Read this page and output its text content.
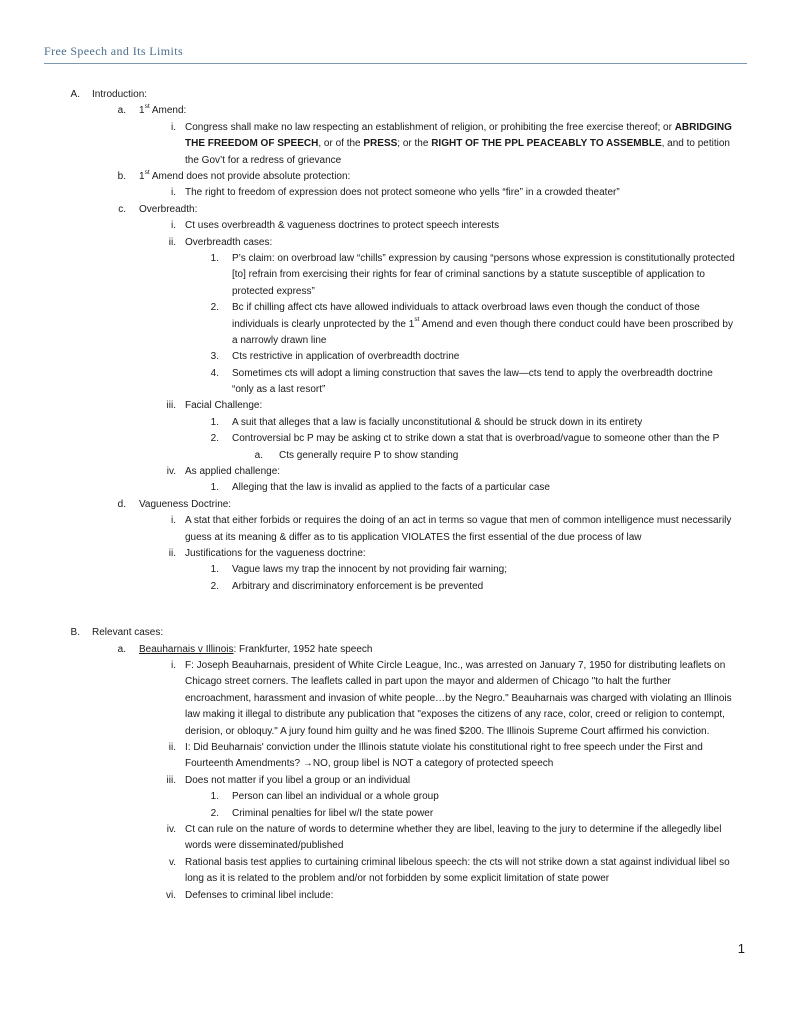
Free Speech and Its Limits
A. Introduction:
a. 1st Amend:
i. Congress shall make no law respecting an establishment of religion, or prohibiting the free exercise thereof; or ABRIDGING THE FREEDOM OF SPEECH, or of the PRESS; or the RIGHT OF THE PPL PEACEABLY TO ASSEMBLE, and to petition the Gov’t for a redress of grievance
b. 1st Amend does not provide absolute protection:
i. The right to freedom of expression does not protect someone who yells “fire” in a crowded theater”
c. Overbreadth:
i. Ct uses overbreadth & vagueness doctrines to protect speech interests
ii. Overbreadth cases:
1. P’s claim: on overbroad law “chills” expression by causing “persons whose expression is constitutionally protected [to] refrain from exercising their rights for fear of criminal sanctions by a statute susceptible of application to protected express”
2. Bc if chilling affect cts have allowed individuals to attack overbroad laws even though the conduct of those individuals is clearly unprotected by the 1st Amend and even though there conduct could have been proscribed by a narrowly drawn line
3. Cts restrictive in application of overbreadth doctrine
4. Sometimes cts will adopt a liming construction that saves the law—cts tend to apply the overbreadth doctrine “only as a last resort”
iii. Facial Challenge:
1. A suit that alleges that a law is facially unconstitutional & should be struck down in its entirety
2. Controversial bc P may be asking ct to strike down a stat that is overbroad/vague to someone other than the P
a. Cts generally require P to show standing
iv. As applied challenge:
1. Alleging that the law is invalid as applied to the facts of a particular case
d. Vagueness Doctrine:
i. A stat that either forbids or requires the doing of an act in terms so vague that men of common intelligence must necessarily guess at its meaning & differ as to tis application VIOLATES the first essential of the due process of law
ii. Justifications for the vagueness doctrine:
1. Vague laws my trap the innocent by not providing fair warning;
2. Arbitrary and discriminatory enforcement is be prevented
B. Relevant cases:
a. Beauharnais v Illinois: Frankfurter, 1952 hate speech
i. F: Joseph Beauharnais, president of White Circle League, Inc., was arrested on January 7, 1950 for distributing leaflets on Chicago street corners. The leaflets called in part upon the mayor and aldermen of Chicago "to halt the further encroachment, harassment and invasion of white people…by the Negro." Beauharnais was charged with violating an Illinois law making it illegal to distribute any publication that "exposes the citizens of any race, color, creed or religion to contempt, derision, or obloquy." A jury found him guilty and he was fined $200. The Illinois Supreme Court affirmed his conviction.
ii. I: Did Beuharnais' conviction under the Illinois statute violate his constitutional right to free speech under the First and Fourteenth Amendments? →NO, group libel is NOT a category of protected speech
iii. Does not matter if you libel a group or an individual
1. Person can libel an individual or a whole group
2. Criminal penalties for libel w/I the state power
iv. Ct can rule on the nature of words to determine whether they are libel, leaving to the jury to determine if the allegedly libel words were disseminated/published
v. Rational basis test applies to curtaining criminal libelous speech: the cts will not strike down a stat against individual libel so long as it is related to the problem and/or not forbidden by some explicit limitation of state power
vi. Defenses to criminal libel include:
1
